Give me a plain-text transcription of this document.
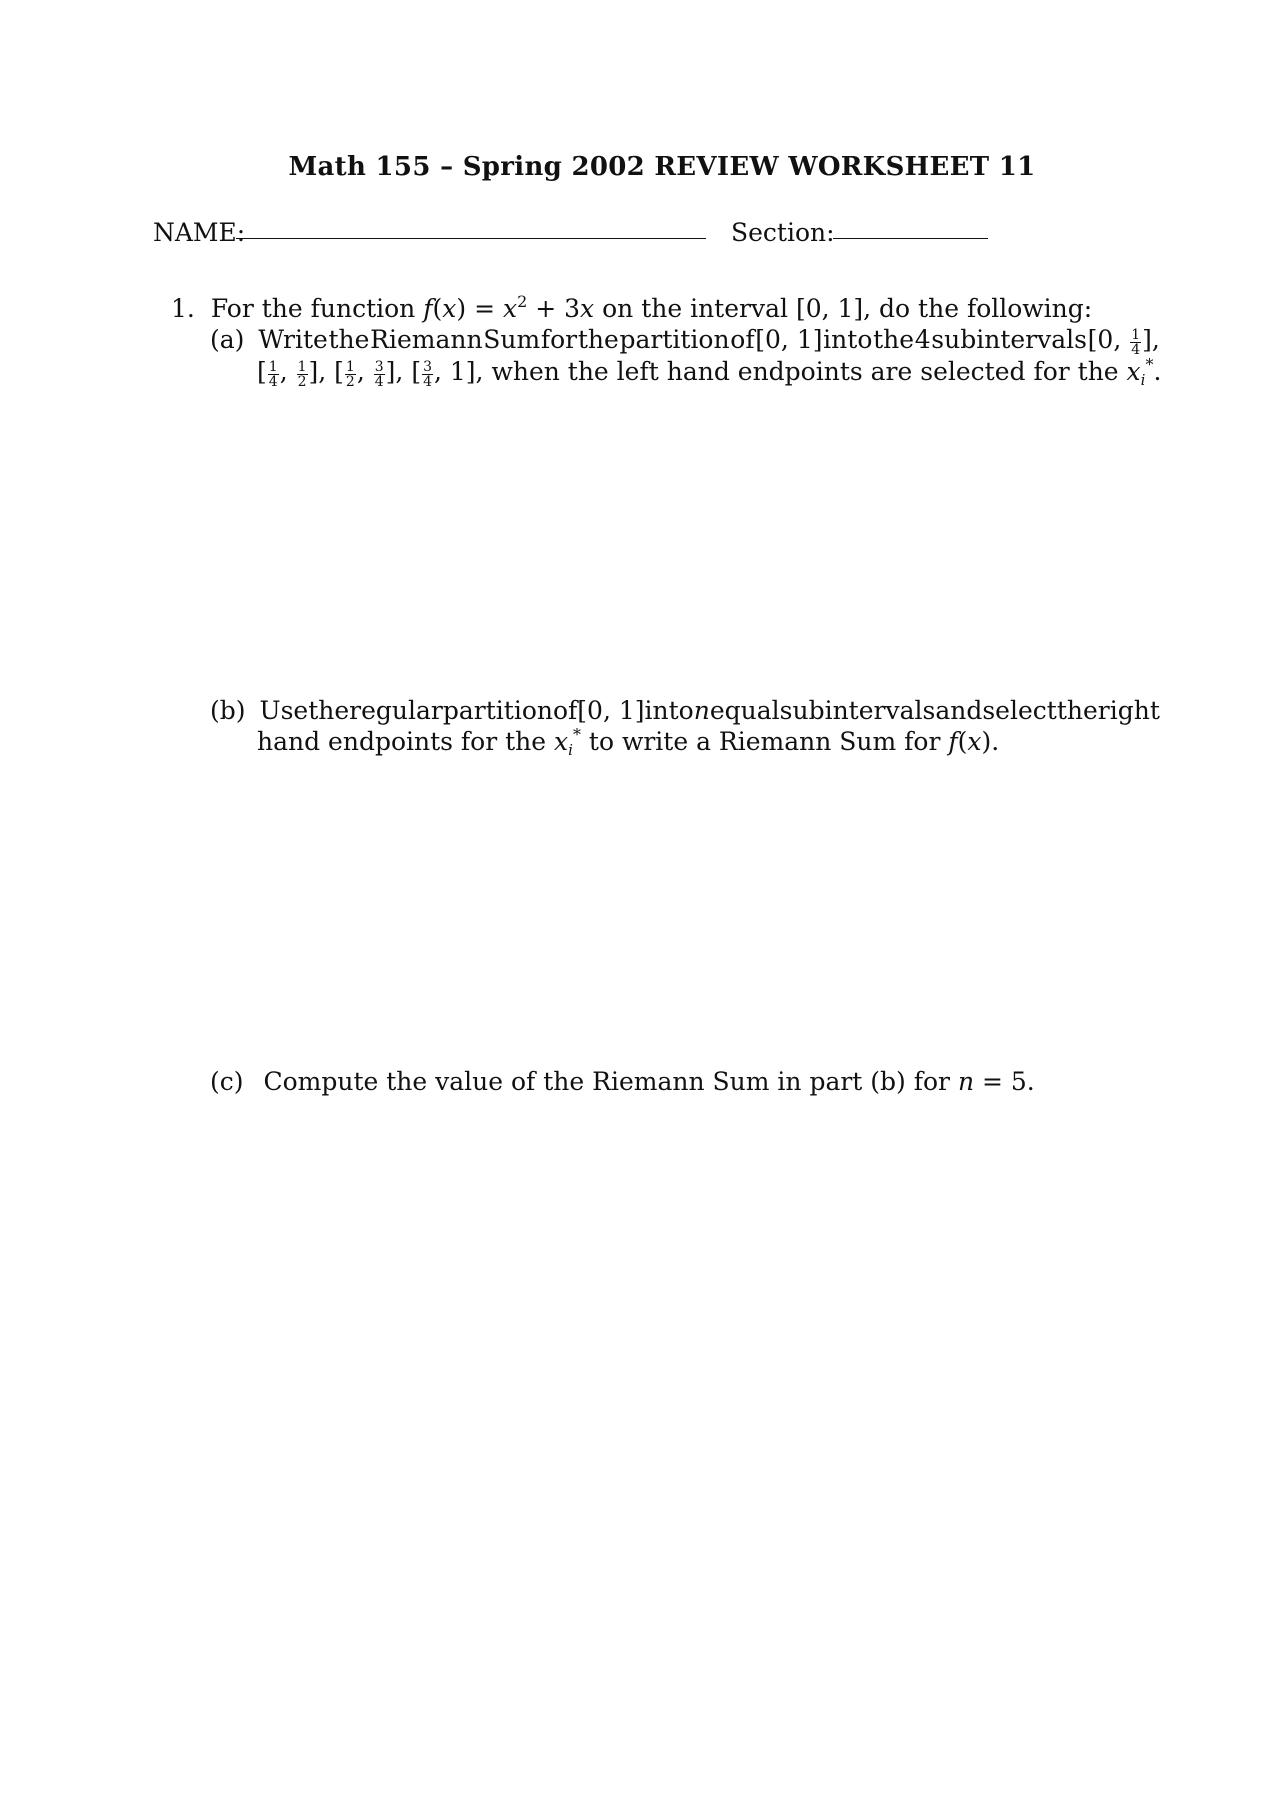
Math 155 – Spring 2002 REVIEW WORKSHEET 11
NAME:	Section:
1. For the function $f(x) = x^2 + 3x$ on the interval [0, 1], do the following:
(a) Write the Riemann Sum for the partition of [0, 1] into the 4 subintervals [0, $\frac{1}{4}$ ],
[ $\frac{1}{4}$ , $\frac{1}{2}$ ], [ $\frac{1}{2}$ , $\frac{3}{4}$ ], [ $\frac{3}{4}$ , 1], when the left hand endpoints are selected for the $x_i^*$.
(b) Use the regular partition of [0, 1] into n equal subintervals and select the right
hand endpoints for the $x_i^*$ to write a Riemann Sum for f(x).
(c) Compute the value of the Riemann Sum in part (b) for n = 5.
